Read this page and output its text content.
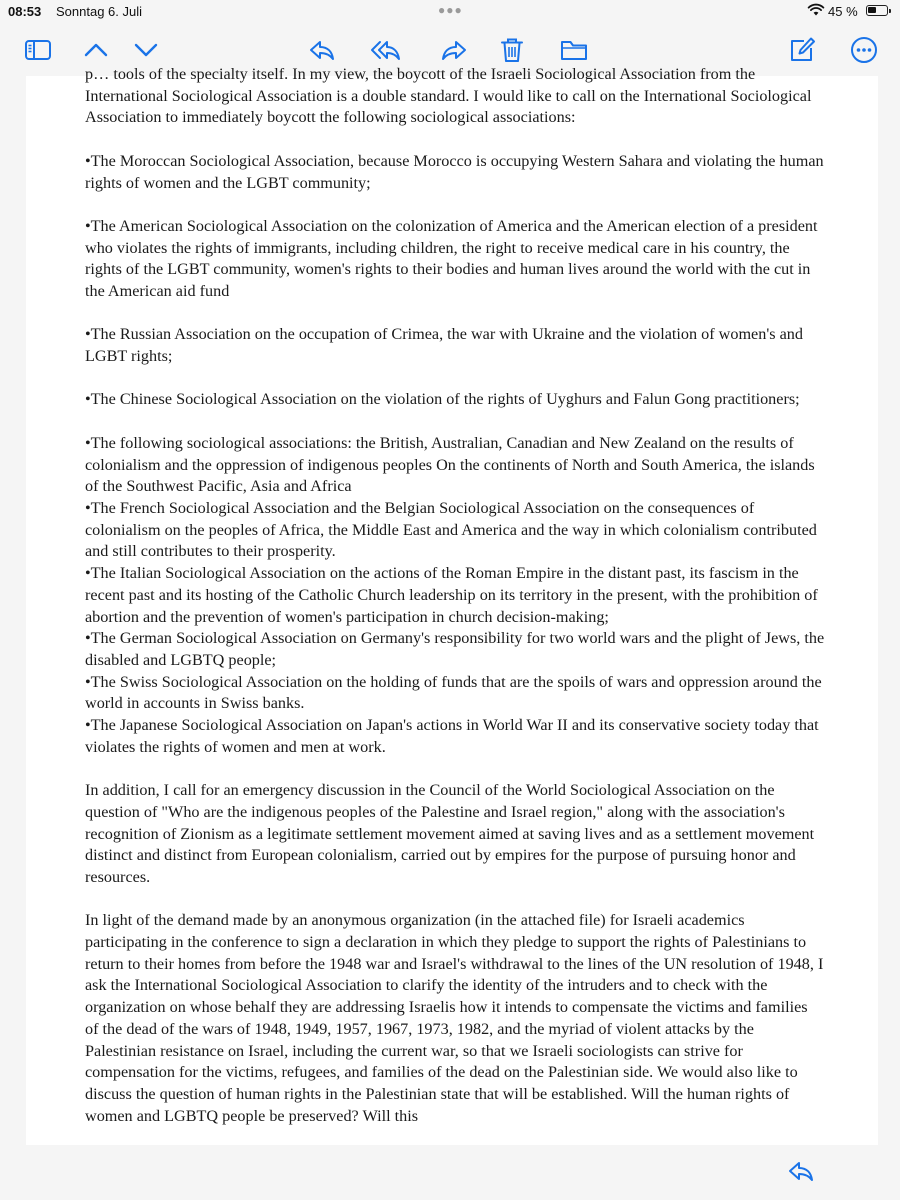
08:53 Sonntag 6. Juli	●●●	45 %

p… tools of the specialty itself. In my view, the boycott of the Israeli Sociological Association from the International Sociological Association is a double standard. I would like to call on the International Sociological Association to immediately boycott the following sociological associations:

•The Moroccan Sociological Association, because Morocco is occupying Western Sahara and violating the human rights of women and the LGBT community;

•The American Sociological Association on the colonization of America and the American election of a president who violates the rights of immigrants, including children, the right to receive medical care in his country, the rights of the LGBT community, women's rights to their bodies and human lives around the world with the cut in the American aid fund

•The Russian Association on the occupation of Crimea, the war with Ukraine and the violation of women's and LGBT rights;

•The Chinese Sociological Association on the violation of the rights of Uyghurs and Falun Gong practitioners;

•The following sociological associations: the British, Australian, Canadian and New Zealand on the results of colonialism and the oppression of indigenous peoples On the continents of North and South America, the islands of the Southwest Pacific, Asia and Africa

•The French Sociological Association and the Belgian Sociological Association on the consequences of colonialism on the peoples of Africa, the Middle East and America and the way in which colonialism contributed and still contributes to their prosperity.

•The Italian Sociological Association on the actions of the Roman Empire in the distant past, its fascism in the recent past and its hosting of the Catholic Church leadership on its territory in the present, with the prohibition of abortion and the prevention of women's participation in church decision-making;

•The German Sociological Association on Germany's responsibility for two world wars and the plight of Jews, the disabled and LGBTQ people;

•The Swiss Sociological Association on the holding of funds that are the spoils of wars and oppression around the world in accounts in Swiss banks.

•The Japanese Sociological Association on Japan's actions in World War II and its conservative society today that violates the rights of women and men at work.

In addition, I call for an emergency discussion in the Council of the World Sociological Association on the question of "Who are the indigenous peoples of the Palestine and Israel region," along with the association's recognition of Zionism as a legitimate settlement movement aimed at saving lives and as a settlement movement distinct and distinct from European colonialism, carried out by empires for the purpose of pursuing honor and resources.

In light of the demand made by an anonymous organization (in the attached file) for Israeli academics participating in the conference to sign a declaration in which they pledge to support the rights of Palestinians to return to their homes from before the 1948 war and Israel's withdrawal to the lines of the UN resolution of 1948, I ask the International Sociological Association to clarify the identity of the intruders and to check with the organization on whose behalf they are addressing Israelis how it intends to compensate the victims and families of the dead of the wars of 1948, 1949, 1957, 1967, 1973, 1982, and the myriad of violent attacks by the Palestinian resistance on Israel, including the current war, so that we Israeli sociologists can strive for compensation for the victims, refugees, and families of the dead on the Palestinian side. We would also like to discuss the question of human rights in the Palestinian state that will be established. Will the human rights of women and LGBTQ people be preserved? Will this
